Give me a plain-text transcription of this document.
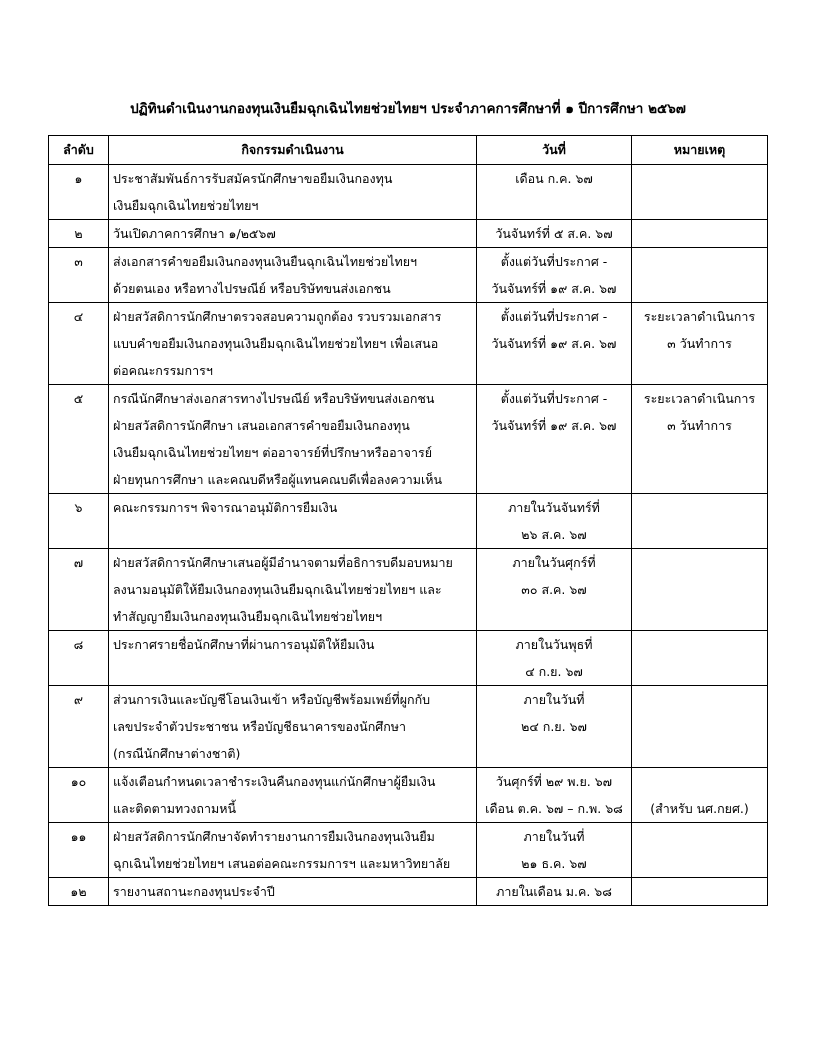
ปฏิทินดำเนินงานกองทุนเงินยืมฉุกเฉินไทยช่วยไทยฯ ประจำภาคการศึกษาที่ ๑ ปีการศึกษา ๒๕๖๗
ลำดับ	กิจกรรมดำเนินงาน	วันที่	หมายเหตุ

๑	ประชาสัมพันธ์การรับสมัครนักศึกษาขอยืมเงินกองทุน
เงินยืมฉุกเฉินไทยช่วยไทยฯ	เดือน ก.ค. ๖๗	

๒	วันเปิดภาคการศึกษา ๑/๒๕๖๗	วันจันทร์ที่ ๕ ส.ค. ๖๗	

๓	ส่งเอกสารคำขอยืมเงินกองทุนเงินยืนฉุกเฉินไทยช่วยไทยฯ
ด้วยตนเอง หรือทางไปรษณีย์ หรือบริษัทขนส่งเอกชน	ตั้งแต่วันที่ประกาศ -
วันจันทร์ที่ ๑๙ ส.ค. ๖๗	

๔	ฝ่ายสวัสดิการนักศึกษาตรวจสอบความถูกต้อง รวบรวมเอกสาร
แบบคำขอยืมเงินกองทุนเงินยืมฉุกเฉินไทยช่วยไทยฯ เพื่อเสนอ
ต่อคณะกรรมการฯ	ตั้งแต่วันที่ประกาศ -
วันจันทร์ที่ ๑๙ ส.ค. ๖๗	ระยะเวลาดำเนินการ
๓ วันทำการ

๕	กรณีนักศึกษาส่งเอกสารทางไปรษณีย์ หรือบริษัทขนส่งเอกชน
ฝ่ายสวัสดิการนักศึกษา เสนอเอกสารคำขอยืมเงินกองทุน
เงินยืมฉุกเฉินไทยช่วยไทยฯ ต่ออาจารย์ที่ปรึกษาหรืออาจารย์
ฝ่ายทุนการศึกษา และคณบดีหรือผู้แทนคณบดีเพื่อลงความเห็น	ตั้งแต่วันที่ประกาศ -
วันจันทร์ที่ ๑๙ ส.ค. ๖๗	ระยะเวลาดำเนินการ
๓ วันทำการ

๖	คณะกรรมการฯ พิจารณาอนุมัติการยืมเงิน	ภายในวันจันทร์ที่
๒๖ ส.ค. ๖๗	

๗	ฝ่ายสวัสดิการนักศึกษาเสนอผู้มีอำนาจตามที่อธิการบดีมอบหมาย
ลงนามอนุมัติให้ยืมเงินกองทุนเงินยืมฉุกเฉินไทยช่วยไทยฯ และ
ทำสัญญายืมเงินกองทุนเงินยืมฉุกเฉินไทยช่วยไทยฯ	ภายในวันศุกร์ที่
๓๐ ส.ค. ๖๗	

๘	ประกาศรายชื่อนักศึกษาที่ผ่านการอนุมัติให้ยืมเงิน	ภายในวันพุธที่
๔ ก.ย. ๖๗	

๙	ส่วนการเงินและบัญชีโอนเงินเข้า หรือบัญชีพร้อมเพย์ที่ผูกกับ
เลขประจำตัวประชาชน หรือบัญชีธนาคารของนักศึกษา
(กรณีนักศึกษาต่างชาติ)	ภายในวันที่
๒๔ ก.ย. ๖๗	

๑๐	แจ้งเตือนกำหนดเวลาชำระเงินคืนกองทุนแก่นักศึกษาผู้ยืมเงิน
และติดตามทวงถามหนี้	วันศุกร์ที่ ๒๙ พ.ย. ๖๗
เดือน ต.ค. ๖๗ – ก.พ. ๖๘	(สำหรับ นศ.กยศ.)

๑๑	ฝ่ายสวัสดิการนักศึกษาจัดทำรายงานการยืมเงินกองทุนเงินยืม
ฉุกเฉินไทยช่วยไทยฯ เสนอต่อคณะกรรมการฯ และมหาวิทยาลัย	ภายในวันที่
๒๑ ธ.ค. ๖๗	

๑๒	รายงานสถานะกองทุนประจำปี	ภายในเดือน ม.ค. ๖๘	
